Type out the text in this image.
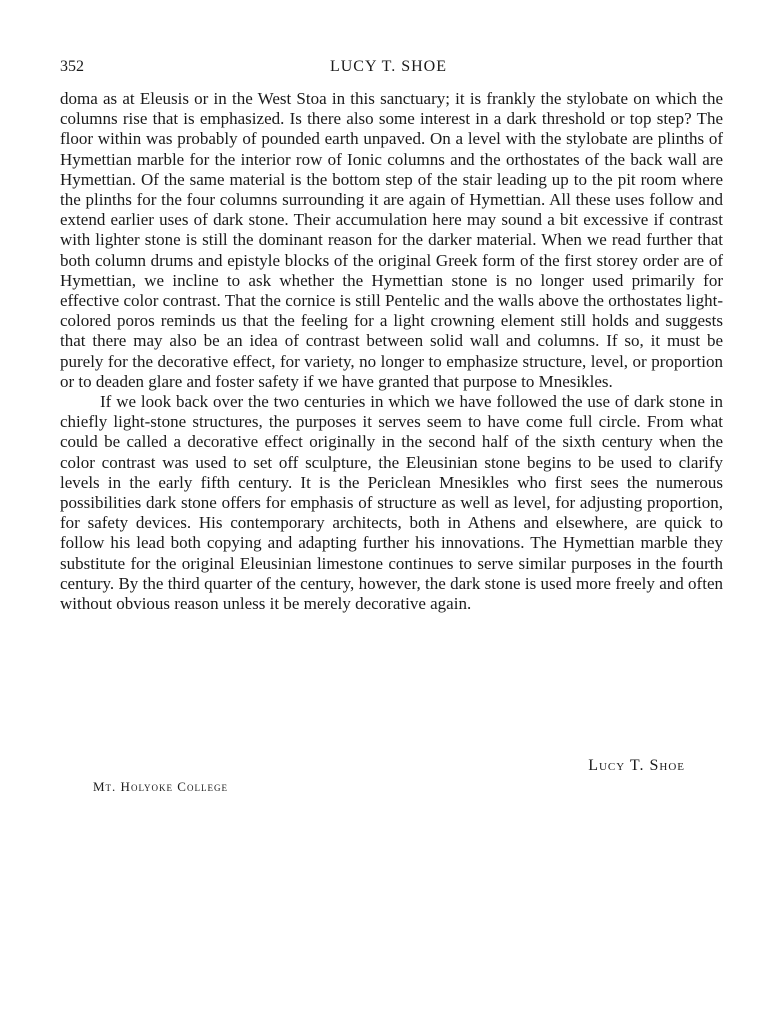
352	LUCY T. SHOE

doma as at Eleusis or in the West Stoa in this sanctuary; it is frankly the stylobate on which the columns rise that is emphasized. Is there also some interest in a dark threshold or top step? The floor within was probably of pounded earth unpaved. On a level with the stylobate are plinths of Hymettian marble for the interior row of Ionic columns and the orthostates of the back wall are Hymettian. Of the same material is the bottom step of the stair leading up to the pit room where the plinths for the four columns surrounding it are again of Hymettian. All these uses follow and extend earlier uses of dark stone. Their accumulation here may sound a bit excessive if contrast with lighter stone is still the dominant reason for the darker material. When we read further that both column drums and epistyle blocks of the original Greek form of the first storey order are of Hymettian, we incline to ask whether the Hymettian stone is no longer used primarily for effective color contrast. That the cornice is still Pentelic and the walls above the orthostates light-colored poros reminds us that the feeling for a light crowning element still holds and suggests that there may also be an idea of contrast between solid wall and columns. If so, it must be purely for the decorative effect, for variety, no longer to emphasize structure, level, or proportion or to deaden glare and foster safety if we have granted that purpose to Mnesikles.

If we look back over the two centuries in which we have followed the use of dark stone in chiefly light-stone structures, the purposes it serves seem to have come full circle. From what could be called a decorative effect originally in the second half of the sixth century when the color contrast was used to set off sculpture, the Eleusinian stone begins to be used to clarify levels in the early fifth century. It is the Periclean Mnesikles who first sees the numerous possibilities dark stone offers for emphasis of structure as well as level, for adjusting proportion, for safety devices. His contemporary architects, both in Athens and elsewhere, are quick to follow his lead both copying and adapting further his innovations. The Hymettian marble they substitute for the original Eleusinian limestone continues to serve similar purposes in the fourth century. By the third quarter of the century, however, the dark stone is used more freely and often without obvious reason unless it be merely decorative again.

Lucy T. Shoe
Mt. Holyoke College
